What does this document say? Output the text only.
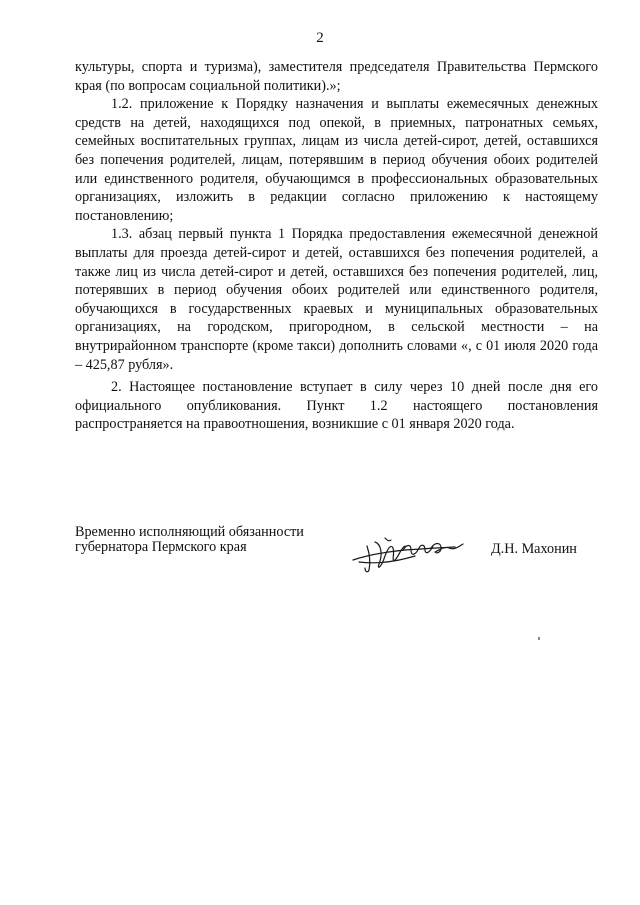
2

культуры, спорта и туризма), заместителя председателя Правительства Пермского края (по вопросам социальной политики).»;

1.2. приложение к Порядку назначения и выплаты ежемесячных денежных средств на детей, находящихся под опекой, в приемных, патронатных семьях, семейных воспитательных группах, лицам из числа детей-сирот, детей, оставшихся без попечения родителей, лицам, потерявшим в период обучения обоих родителей или единственного родителя, обучающимся в профессиональных образовательных организациях, изложить в редакции согласно приложению к настоящему постановлению;

1.3. абзац первый пункта 1 Порядка предоставления ежемесячной денежной выплаты для проезда детей-сирот и детей, оставшихся без попечения родителей, а также лиц из числа детей-сирот и детей, оставшихся без попечения родителей, лиц, потерявших в период обучения обоих родителей или единственного родителя, обучающихся в государственных краевых и муниципальных образовательных организациях, на городском, пригородном, в сельской местности – на внутрирайонном транспорте (кроме такси) дополнить словами «, с 01 июля 2020 года – 425,87 рубля».

2. Настоящее постановление вступает в силу через 10 дней после дня его официального опубликования. Пункт 1.2 настоящего постановления распространяется на правоотношения, возникшие с 01 января 2020 года.

Временно исполняющий обязанности
губернатора Пермского края	Д.Н. Махонин
